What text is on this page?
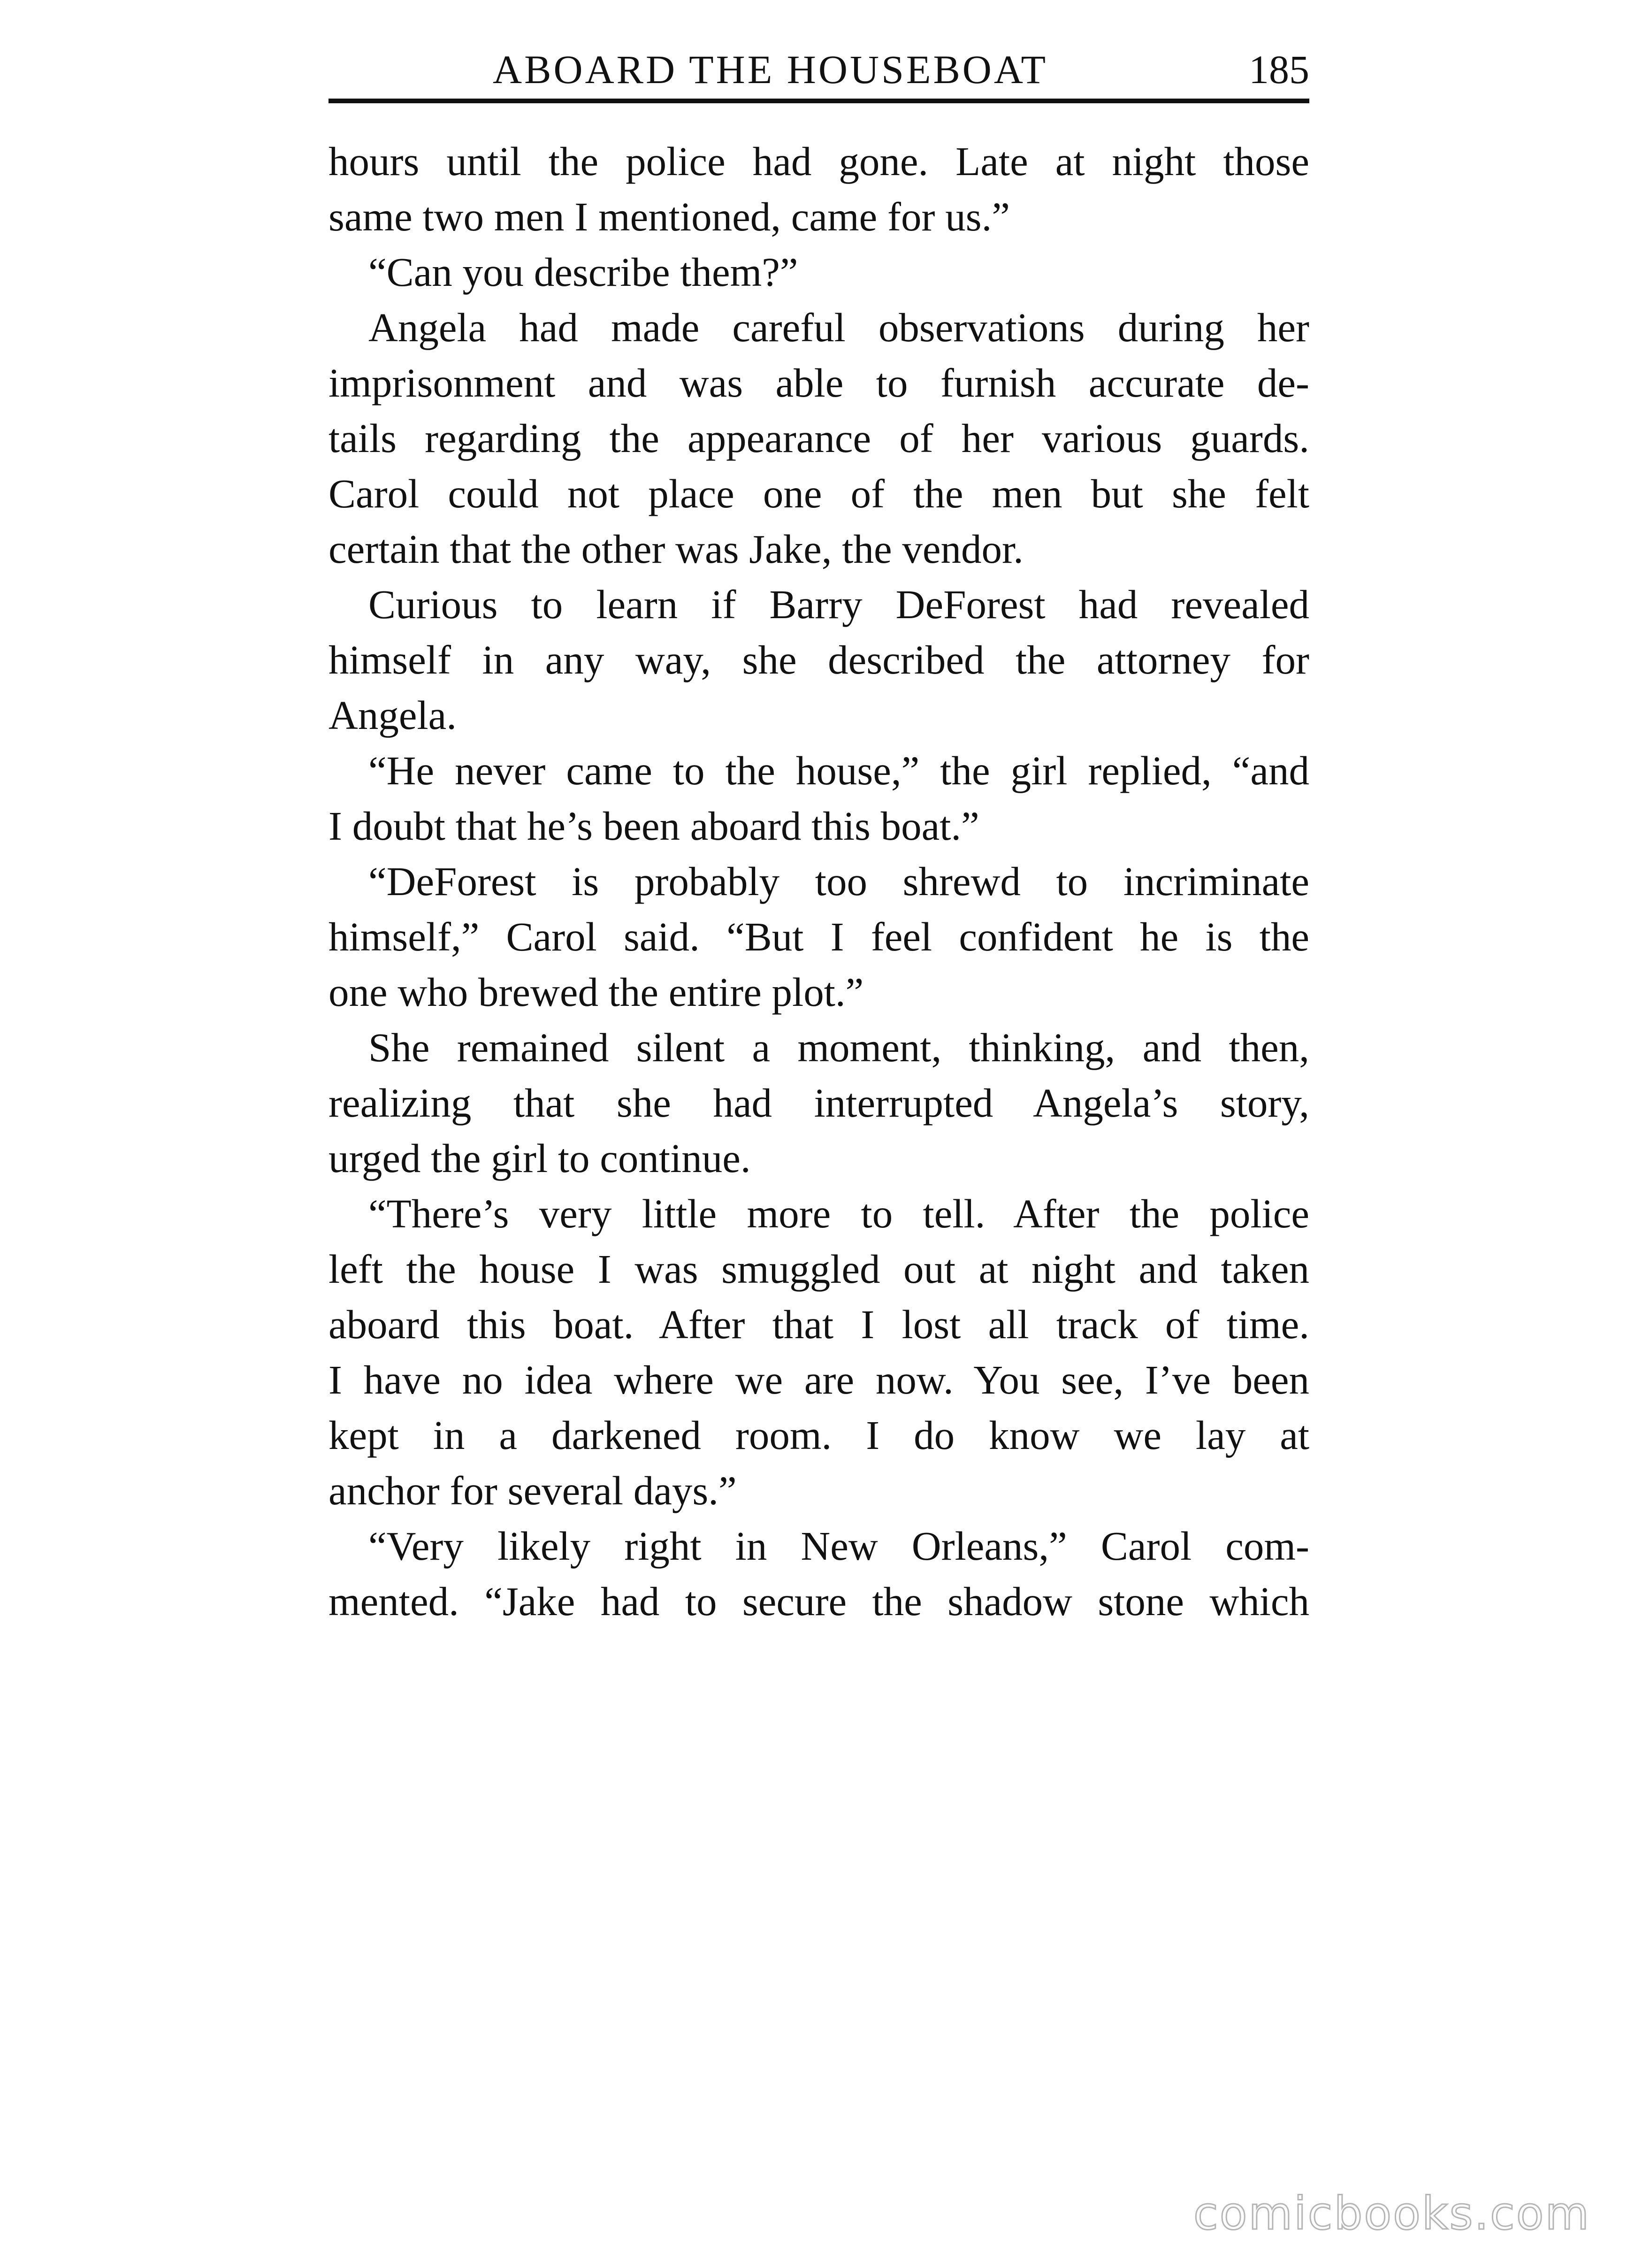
ABOARD THE HOUSEBOAT	185
hours until the police had gone. Late at night those
same two men I mentioned, came for us.”
“Can you describe them?”
Angela had made careful observations during her
imprisonment and was able to furnish accurate de-
tails regarding the appearance of her various guards.
Carol could not place one of the men but she felt
certain that the other was Jake, the vendor.
Curious to learn if Barry DeForest had revealed
himself in any way, she described the attorney for
Angela.
“He never came to the house,” the girl replied, “and
I doubt that he’s been aboard this boat.”
“DeForest is probably too shrewd to incriminate
himself,” Carol said. “But I feel confident he is the
one who brewed the entire plot.”
She remained silent a moment, thinking, and then,
realizing that she had interrupted Angela’s story,
urged the girl to continue.
“There’s very little more to tell. After the police
left the house I was smuggled out at night and taken
aboard this boat. After that I lost all track of time.
I have no idea where we are now. You see, I’ve been
kept in a darkened room. I do know we lay at
anchor for several days.”
“Very likely right in New Orleans,” Carol com-
mented. “Jake had to secure the shadow stone which
comicbooks.com
